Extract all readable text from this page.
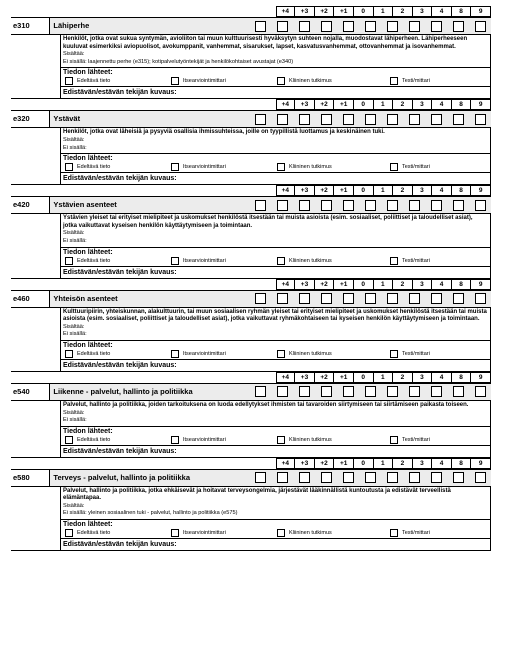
+4	+3	+2	+1	0	1	2	3	4	8	9
e310	Lähiperhe
Henkilöt, jotka ovat sukua syntymän, avioliiton tai muun kulttuurisesti hyväksytyn suhteen nojalla, muodostavat lähiperheen. Lähiperheeseen kuuluvat esimerkiksi aviopuolisot, avokumppanit, vanhemmat, sisarukset, lapset, kasvatusvanhemmat, ottovanhemmat ja isovanhemmat.
Sisältää:
Ei sisällä: laajennettu perhe (e315); kotipalvelutyöntekijät ja henkilökohtaiset avustajat (e340)
Tiedon lähteet:
Edeltävä tieto	Itsearviointimittari	Kliininen tutkimus	Testi/mittari
Edistävän/estävän tekijän kuvaus:
+4	+3	+2	+1	0	1	2	3	4	8	9
e320	Ystävät
Henkilöt, jotka ovat läheisiä ja pysyviä osallisia ihmissuhteissa, joille on tyypillistä luottamus ja keskinäinen tuki.
Sisältää:
Ei sisällä:
Tiedon lähteet:
Edeltävä tieto	Itsearviointimittari	Kliininen tutkimus	Testi/mittari
Edistävän/estävän tekijän kuvaus:
+4	+3	+2	+1	0	1	2	3	4	8	9
e420	Ystävien asenteet
Ystävien yleiset tai erityiset mielipiteet ja uskomukset henkilöstä itsestään tai muista asioista (esim. sosiaaliset, poliittiset ja taloudelliset asiat), jotka vaikuttavat kyseisen henkilön käyttäytymiseen ja toimintaan.
Sisältää:
Ei sisällä:
Tiedon lähteet:
Edeltävä tieto	Itsearviointimittari	Kliininen tutkimus	Testi/mittari
Edistävän/estävän tekijän kuvaus:
+4	+3	+2	+1	0	1	2	3	4	8	9
e460	Yhteisön asenteet
Kulttuuripiirin, yhteiskunnan, alakulttuurin, tai muun sosiaalisen ryhmän yleiset tai erityiset mielipiteet ja uskomukset henkilöstä itsestään tai muista asioista (esim. sosiaaliset, poliittiset ja taloudelliset asiat), jotka vaikuttavat ryhmäkohtaiseen tai kyseisen henkilön käyttäytymiseen ja toimintaan.
Sisältää:
Ei sisällä:
Tiedon lähteet:
Edeltävä tieto	Itsearviointimittari	Kliininen tutkimus	Testi/mittari
Edistävän/estävän tekijän kuvaus:
+4	+3	+2	+1	0	1	2	3	4	8	9
e540	Liikenne - palvelut, hallinto ja politiikka
Palvelut, hallinto ja politiikka, joiden tarkoituksena on luoda edellytykset ihmisten tai tavaroiden siirtymiseen tai siirtämiseen paikasta toiseen.
Sisältää:
Ei sisällä:
Tiedon lähteet:
Edeltävä tieto	Itsearviointimittari	Kliininen tutkimus	Testi/mittari
Edistävän/estävän tekijän kuvaus:
+4	+3	+2	+1	0	1	2	3	4	8	9
e580	Terveys - palvelut, hallinto ja politiikka
Palvelut, hallinto ja politiikka, jotka ehkäisevät ja hoitavat terveysongelmia, järjestävät lääkinnällistä kuntoutusta ja edistävät terveellistä elämäntapaa.
Sisältää:
Ei sisällä: yleinen sosiaalinen tuki - palvelut, hallinto ja politiikka (e575)
Tiedon lähteet:
Edeltävä tieto	Itsearviointimittari	Kliininen tutkimus	Testi/mittari
Edistävän/estävän tekijän kuvaus:
